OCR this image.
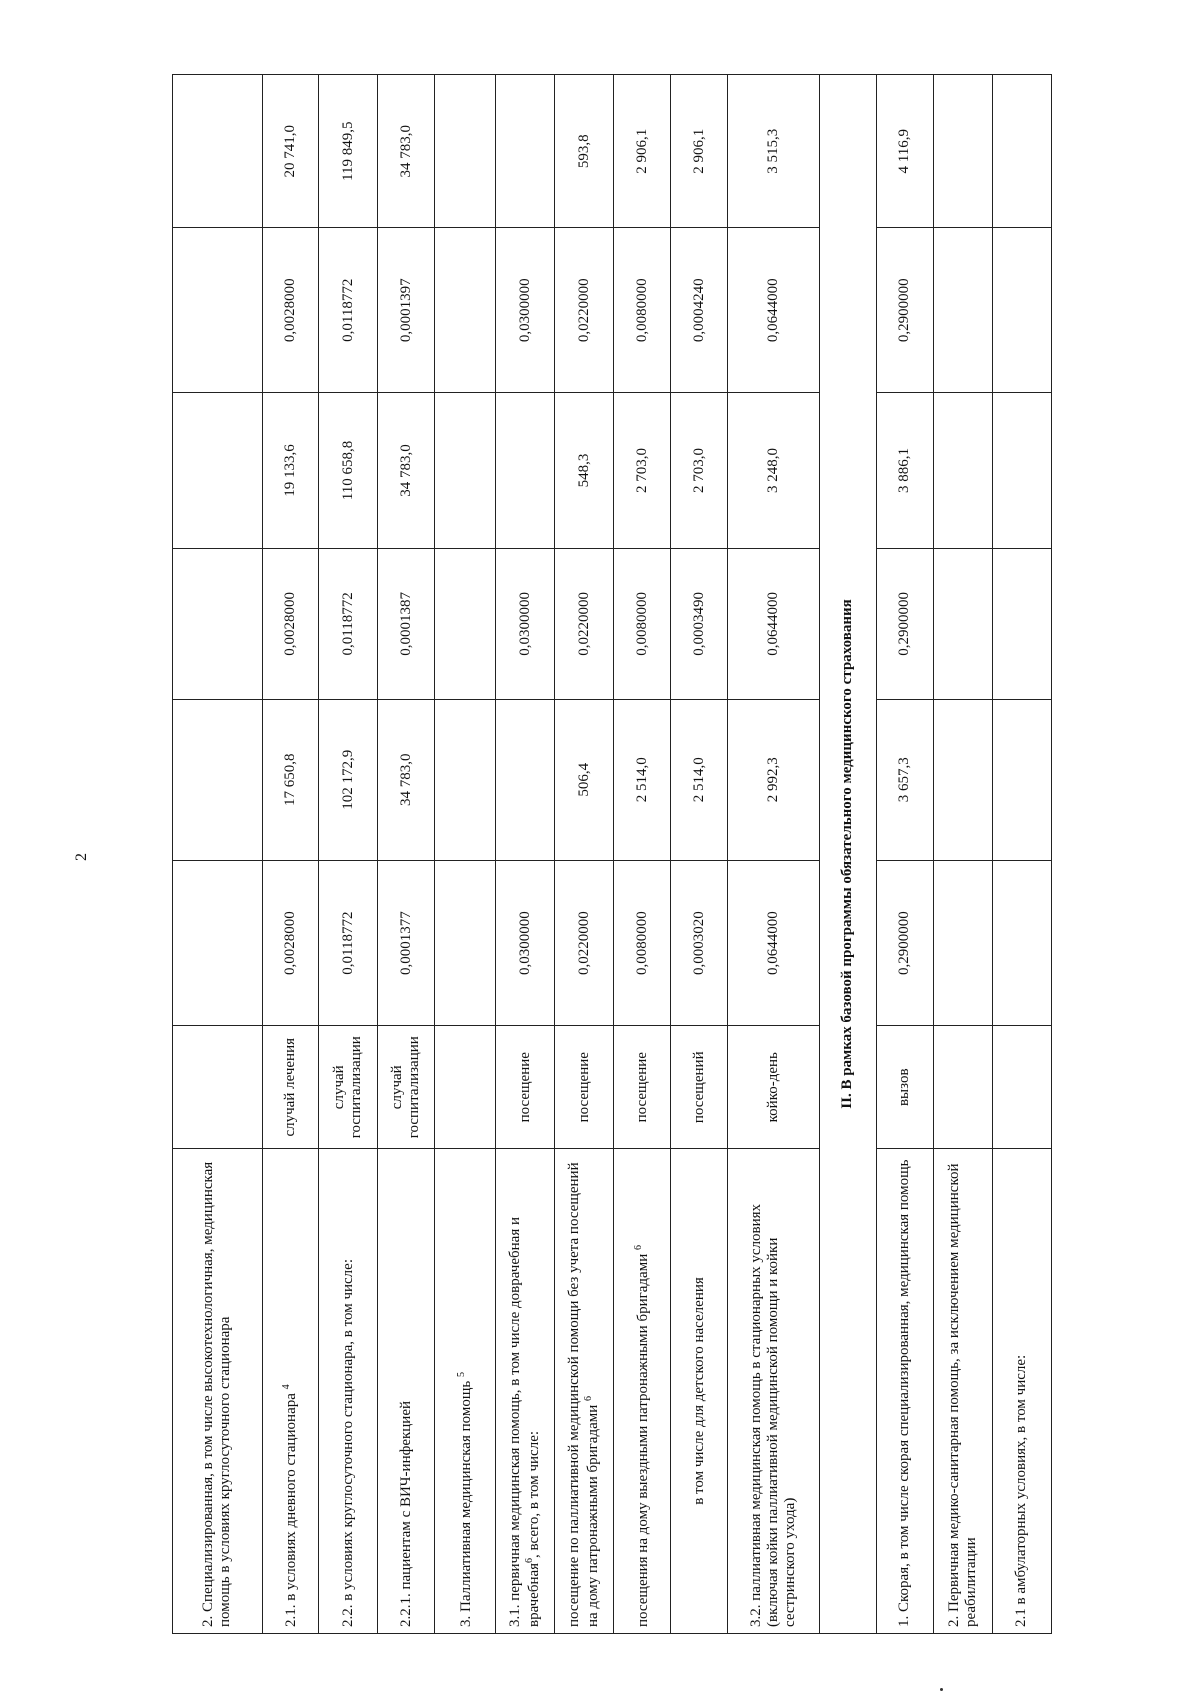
2
2. Специализированная, в том числе высокотехнологичная, медицинская помощь в условиях круглосуточного стационара							
2.1. в условиях дневного стационара $^4$	случай лечения	0,0028000	17 650,8	0,0028000	19 133,6	0,0028000	20 741,0
2.2. в условиях круглосуточного стационара, в том числе:	случай госпитализации	0,0118772	102 172,9	0,0118772	110 658,8	0,0118772	119 849,5
2.2.1. пациентам с ВИЧ-инфекцией	случай госпитализации	0,0001377	34 783,0	0,0001387	34 783,0	0,0001397	34 783,0
3. Паллиативная медицинская помощь $^5$							
3.1. первичная медицинская помощь, в том числе доврачебная и врачебная$^6$, всего, в том числе:	посещение	0,0300000		0,0300000		0,0300000	
посещение по паллиативной медицинской помощи без учета посещений на дому патронажными бригадами $^6$	посещение	0,0220000	506,4	0,0220000	548,3	0,0220000	593,8
посещения на дому выездными патронажными бригадами $^6$	посещение	0,0080000	2 514,0	0,0080000	2 703,0	0,0080000	2 906,1
в том числе для детского населения	посещений	0,0003020	2 514,0	0,0003490	2 703,0	0,0004240	2 906,1
3.2. паллиативная медицинская помощь в стационарных условиях (включая койки паллиативной медицинской помощи и койки сестринского ухода)	койко-день	0,0644000	2 992,3	0,0644000	3 248,0	0,0644000	3 515,3
II. В рамках базовой программы обязательного медицинского страхования							
1. Скорая, в том числе скорая специализированная, медицинская помощь	вызов	0,2900000	3 657,3	0,2900000	3 886,1	0,2900000	4 116,9
2. Первичная медико-санитарная помощь, за исключением медицинской реабилитации							
2.1 в амбулаторных условиях, в том числе:							
